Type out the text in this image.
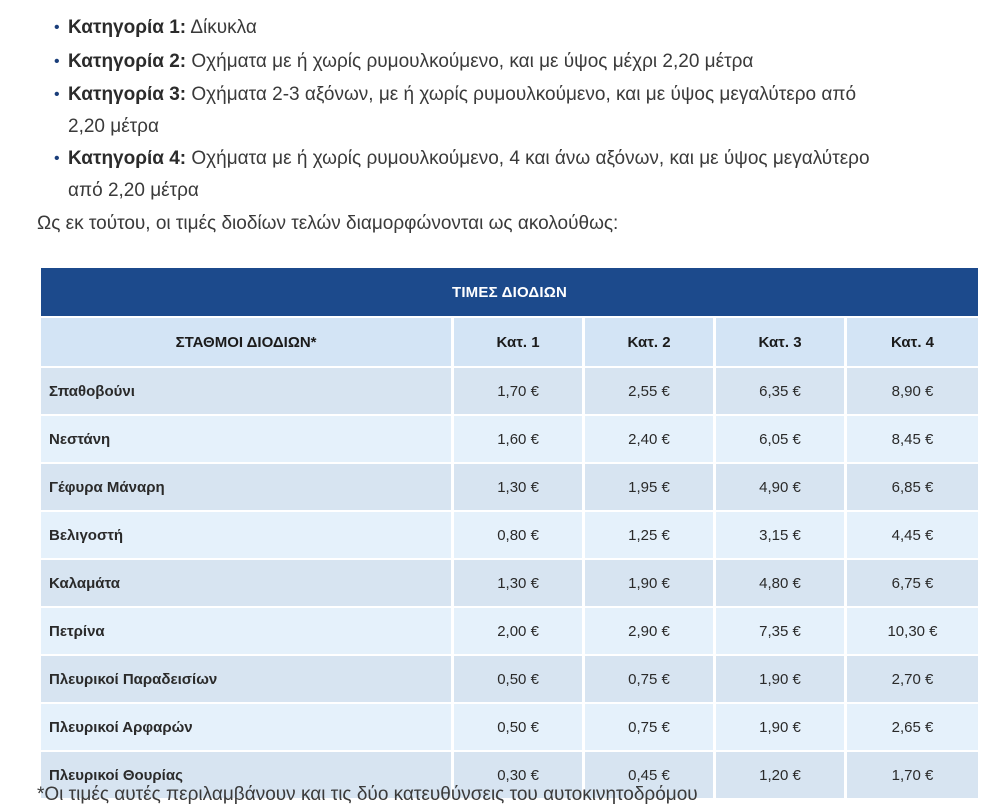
• Κατηγορία 1: Δίκυκλα
• Κατηγορία 2: Οχήματα με ή χωρίς ρυμουλκούμενο, και με ύψος μέχρι 2,20 μέτρα
• Κατηγορία 3: Οχήματα 2-3 αξόνων, με ή χωρίς ρυμουλκούμενο, και με ύψος μεγαλύτερο από
2,20 μέτρα
• Κατηγορία 4: Οχήματα με ή χωρίς ρυμουλκούμενο, 4 και άνω αξόνων, και με ύψος μεγαλύτερο
από 2,20 μέτρα
Ως εκ τούτου, οι τιμές διοδίων τελών διαμορφώνονται ως ακολούθως:
ΤΙΜΕΣ ΔΙΟΔΙΩΝ				
ΣΤΑΘΜΟΙ ΔΙΟΔΙΩΝ*	Κατ. 1	Κατ. 2	Κατ. 3	Κατ. 4
Σπαθοβούνι	1,70 €	2,55 €	6,35 €	8,90 €
Νεστάνη	1,60 €	2,40 €	6,05 €	8,45 €
Γέφυρα Μάναρη	1,30 €	1,95 €	4,90 €	6,85 €
Βελιγοστή	0,80 €	1,25 €	3,15 €	4,45 €
Καλαμάτα	1,30 €	1,90 €	4,80 €	6,75 €
Πετρίνα	2,00 €	2,90 €	7,35 €	10,30 €
Πλευρικοί Παραδεισίων	0,50 €	0,75 €	1,90 €	2,70 €
Πλευρικοί Αρφαρών	0,50 €	0,75 €	1,90 €	2,65 €
Πλευρικοί Θουρίας	0,30 €	0,45 €	1,20 €	1,70 €
*Οι τιμές αυτές περιλαμβάνουν και τις δύο κατευθύνσεις του αυτοκινητοδρόμου
